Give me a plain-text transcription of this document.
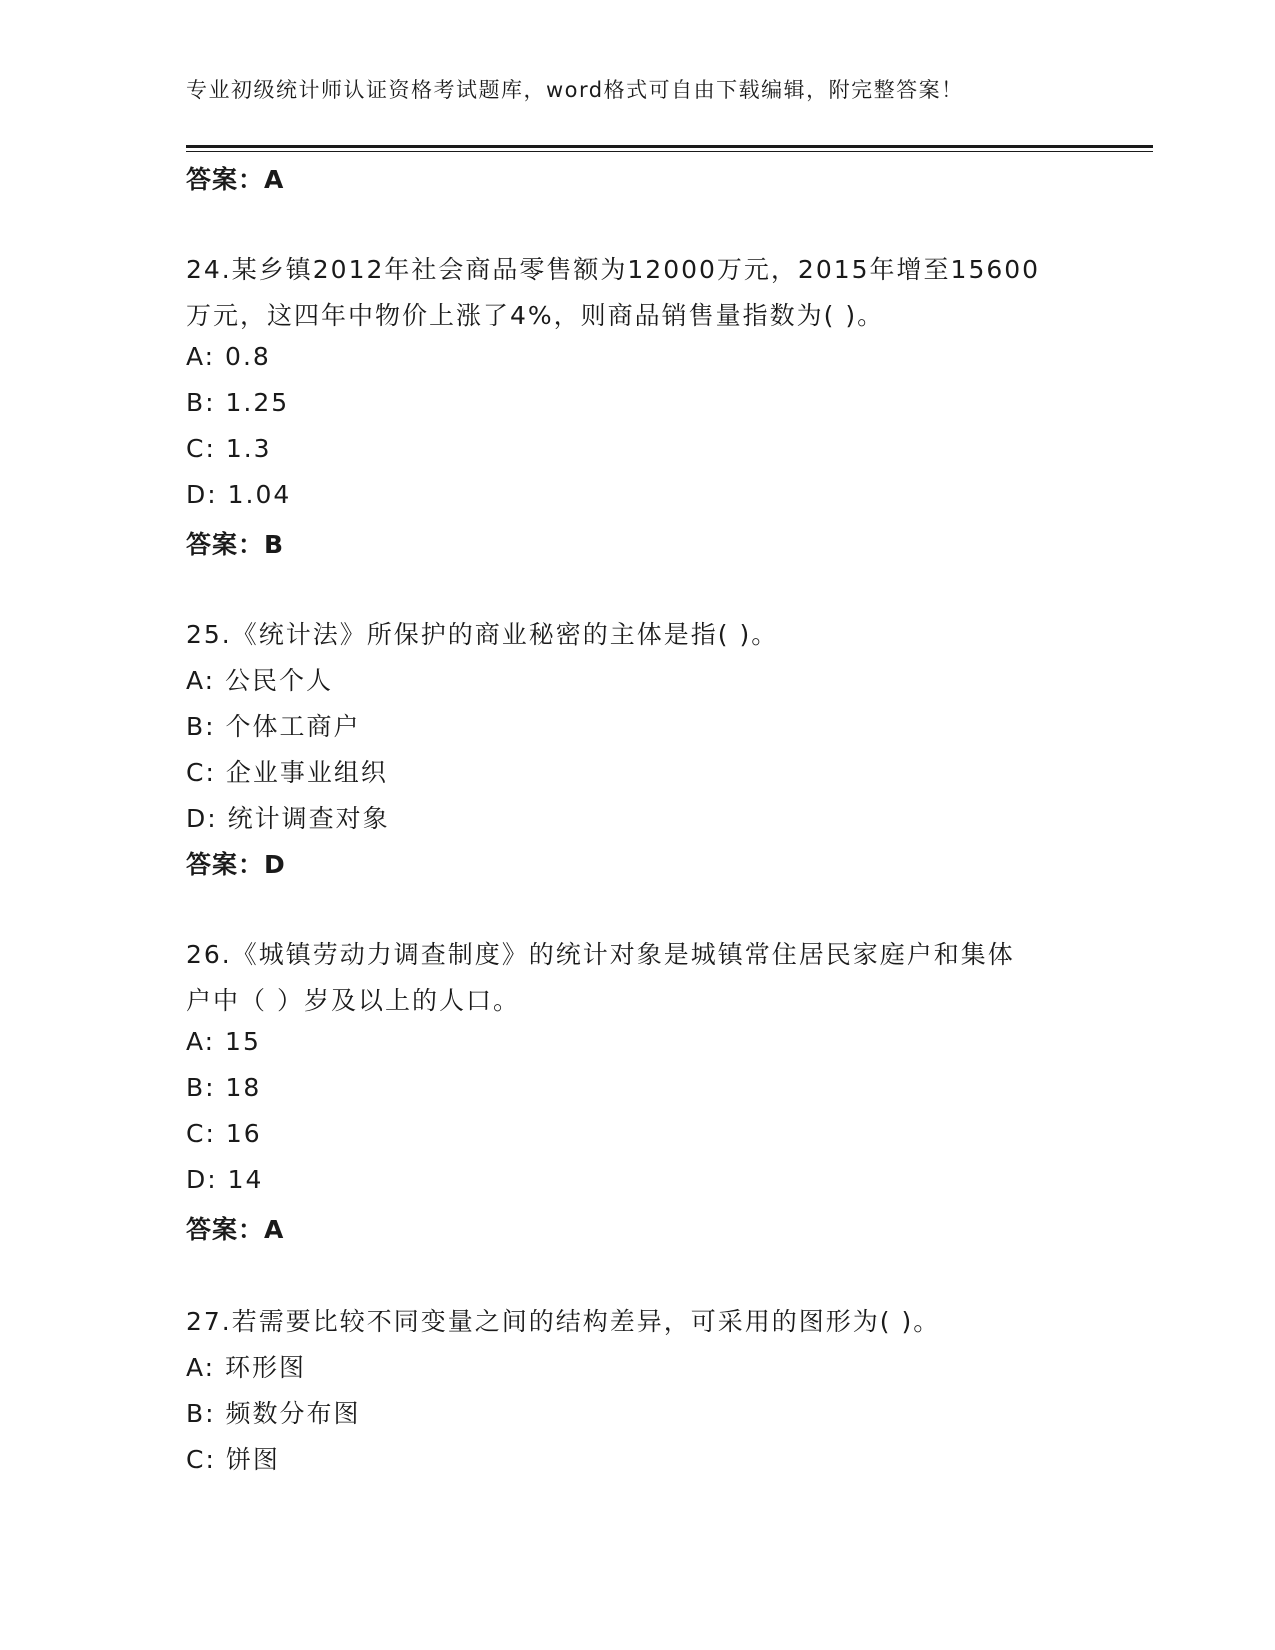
专业初级统计师认证资格考试题库，word格式可自由下载编辑，附完整答案！
答案：A
24.某乡镇2012年社会商品零售额为12000万元，2015年增至15600
万元，这四年中物价上涨了4%，则商品销售量指数为( )。
A: 0.8
B: 1.25
C: 1.3
D: 1.04
答案：B
25.《统计法》所保护的商业秘密的主体是指( )。
A: 公民个人
B: 个体工商户
C: 企业事业组织
D: 统计调查对象
答案：D
26.《城镇劳动力调查制度》的统计对象是城镇常住居民家庭户和集体
户中（ ）岁及以上的人口。
A: 15
B: 18
C: 16
D: 14
答案：A
27.若需要比较不同变量之间的结构差异，可采用的图形为( )。
A: 环形图
B: 频数分布图
C: 饼图
